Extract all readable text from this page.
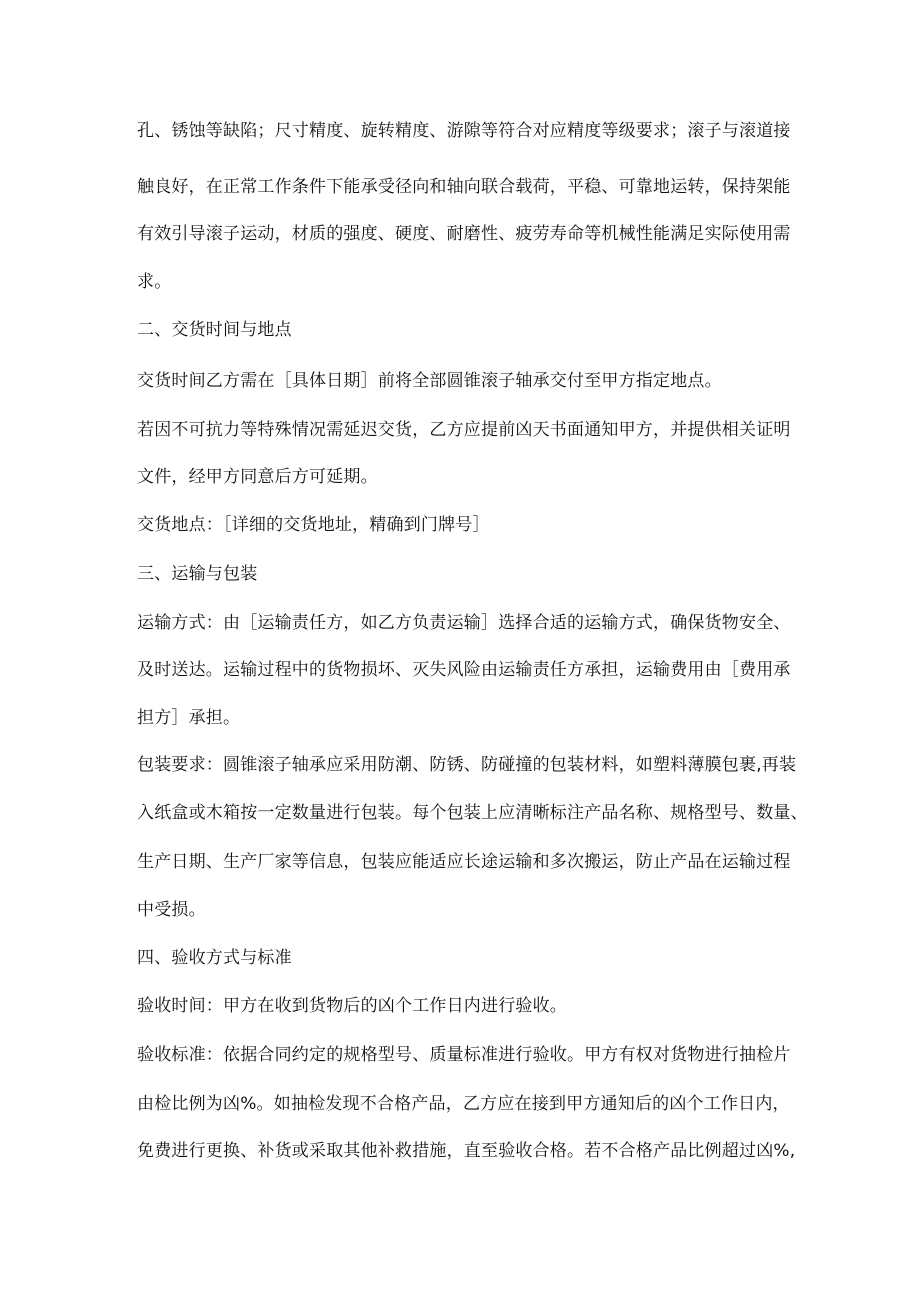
孔、锈蚀等缺陷；尺寸精度、旋转精度、游隙等符合对应精度等级要求；滚子与滚道接
触良好，在正常工作条件下能承受径向和轴向联合载荷，平稳、可靠地运转，保持架能
有效引导滚子运动，材质的强度、硬度、耐磨性、疲劳寿命等机械性能满足实际使用需
求。
二、交货时间与地点
交货时间乙方需在［具体日期］前将全部圆锥滚子轴承交付至甲方指定地点。
若因不可抗力等特殊情况需延迟交货，乙方应提前凶天书面通知甲方，并提供相关证明
文件，经甲方同意后方可延期。
交货地点：［详细的交货地址，精确到门牌号］
三、运输与包装
运输方式：由［运输责任方，如乙方负责运输］选择合适的运输方式，确保货物安全、
及时送达。运输过程中的货物损坏、灭失风险由运输责任方承担，运输费用由［费用承
担方］承担。
包装要求：圆锥滚子轴承应采用防潮、防锈、防碰撞的包装材料，如塑料薄膜包裹,再装
入纸盒或木箱按一定数量进行包装。每个包装上应清晰标注产品名称、规格型号、数量、
生产日期、生产厂家等信息，包装应能适应长途运输和多次搬运，防止产品在运输过程
中受损。
四、验收方式与标准
验收时间：甲方在收到货物后的凶个工作日内进行验收。
验收标准：依据合同约定的规格型号、质量标准进行验收。甲方有权对货物进行抽检片
由检比例为凶%。如抽检发现不合格产品，乙方应在接到甲方通知后的凶个工作日内，
免费进行更换、补货或采取其他补救措施，直至验收合格。若不合格产品比例超过凶%,
